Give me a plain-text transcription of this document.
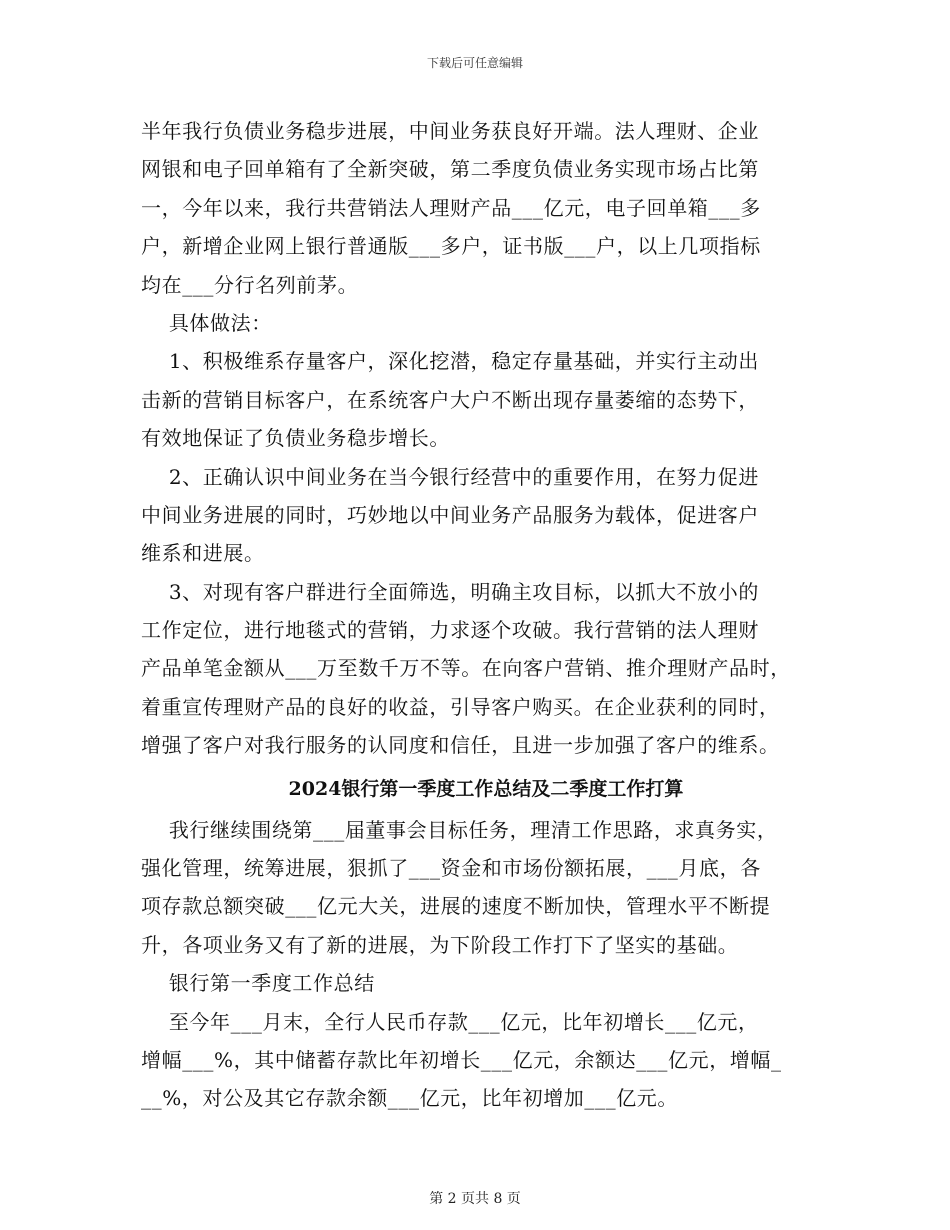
下载后可任意编辑
半年我行负债业务稳步进展，中间业务获良好开端。法人理财、企业
网银和电子回单箱有了全新突破，第二季度负债业务实现市场占比第
一，今年以来，我行共营销法人理财产品___亿元，电子回单箱___多
户，新增企业网上银行普通版___多户，证书版___户，以上几项指标
均在___分行名列前茅。
具体做法：
1、积极维系存量客户，深化挖潜，稳定存量基础，并实行主动出
击新的营销目标客户，在系统客户大户不断出现存量萎缩的态势下，
有效地保证了负债业务稳步增长。
2、正确认识中间业务在当今银行经营中的重要作用，在努力促进
中间业务进展的同时，巧妙地以中间业务产品服务为载体，促进客户
维系和进展。
3、对现有客户群进行全面筛选，明确主攻目标，以抓大不放小的
工作定位，进行地毯式的营销，力求逐个攻破。我行营销的法人理财
产品单笔金额从___万至数千万不等。在向客户营销、推介理财产品时，
着重宣传理财产品的良好的收益，引导客户购买。在企业获利的同时，
增强了客户对我行服务的认同度和信任，且进一步加强了客户的维系。
2024银行第一季度工作总结及二季度工作打算
我行继续围绕第___届董事会目标任务，理清工作思路，求真务实，
强化管理，统筹进展，狠抓了___资金和市场份额拓展，___月底，各
项存款总额突破___亿元大关，进展的速度不断加快，管理水平不断提
升，各项业务又有了新的进展，为下阶段工作打下了坚实的基础。
银行第一季度工作总结
至今年___月末，全行人民币存款___亿元，比年初增长___亿元，
增幅___%，其中储蓄存款比年初增长___亿元，余额达___亿元，增幅_
__%，对公及其它存款余额___亿元，比年初增加___亿元。
第 2 页共 8 页
